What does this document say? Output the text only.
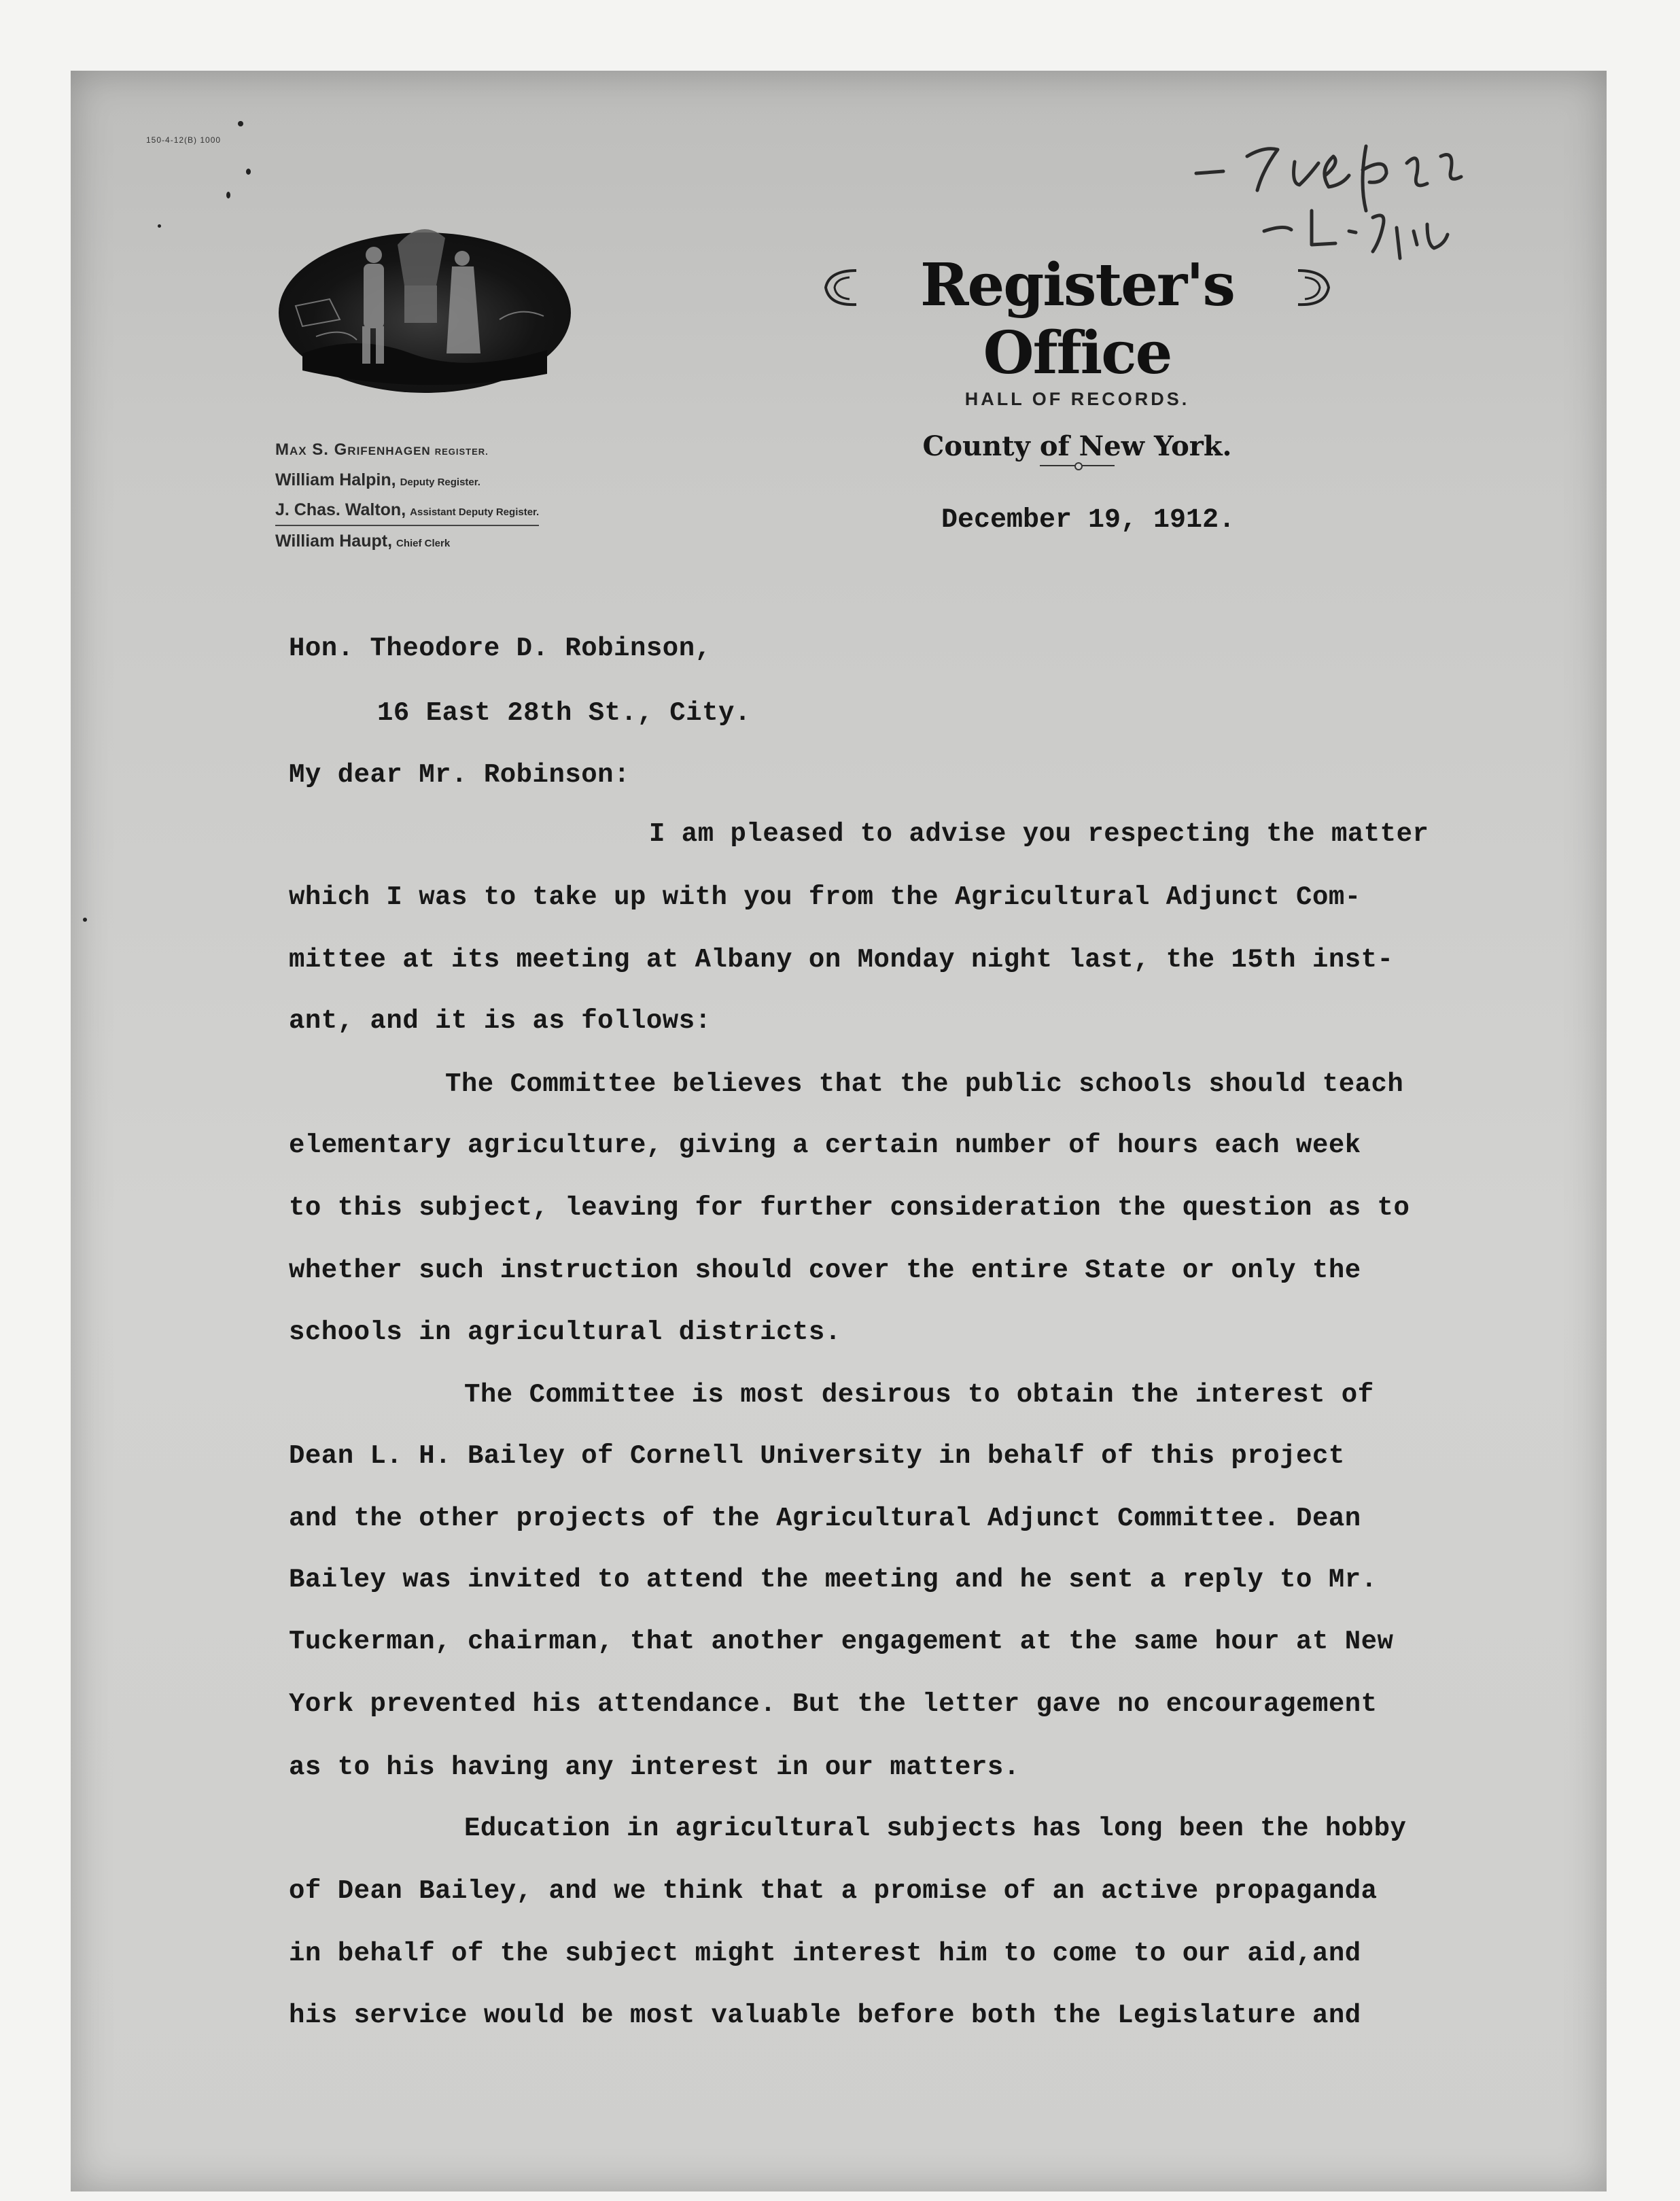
150-4-12(B) 1000
Register's Office
HALL OF RECORDS.
County of New York.
Max S. Grifenhagen REGISTER.
William Halpin, Deputy Register.
J. Chas. Walton, Assistant Deputy Register.
William Haupt, Chief Clerk
December 19, 1912.
Hon. Theodore D. Robinson,
16 East 28th St., City.
My dear Mr. Robinson:
I am pleased to advise you respecting the matter
which I was to take up with you from the Agricultural Adjunct Com-
mittee at its meeting at Albany on Monday night last, the 15th inst-
ant, and it is as follows:
The Committee believes that the public schools should teach
elementary agriculture, giving a certain number of hours each week
to this subject, leaving for further consideration the question as to
whether such instruction should cover the entire State or only the
schools in agricultural districts.
The Committee is most desirous to obtain the interest of
Dean L. H. Bailey of Cornell University in behalf of this project
and the other projects of the Agricultural Adjunct Committee. Dean
Bailey was invited to attend the meeting and he sent a reply to Mr.
Tuckerman, chairman, that another engagement at the same hour at New
York prevented his attendance. But the letter gave no encouragement
as to his having any interest in our matters.
Education in agricultural subjects has long been the hobby
of Dean Bailey, and we think that a promise of an active propaganda
in behalf of the subject might interest him to come to our aid,and
his service would be most valuable before both the Legislature and
